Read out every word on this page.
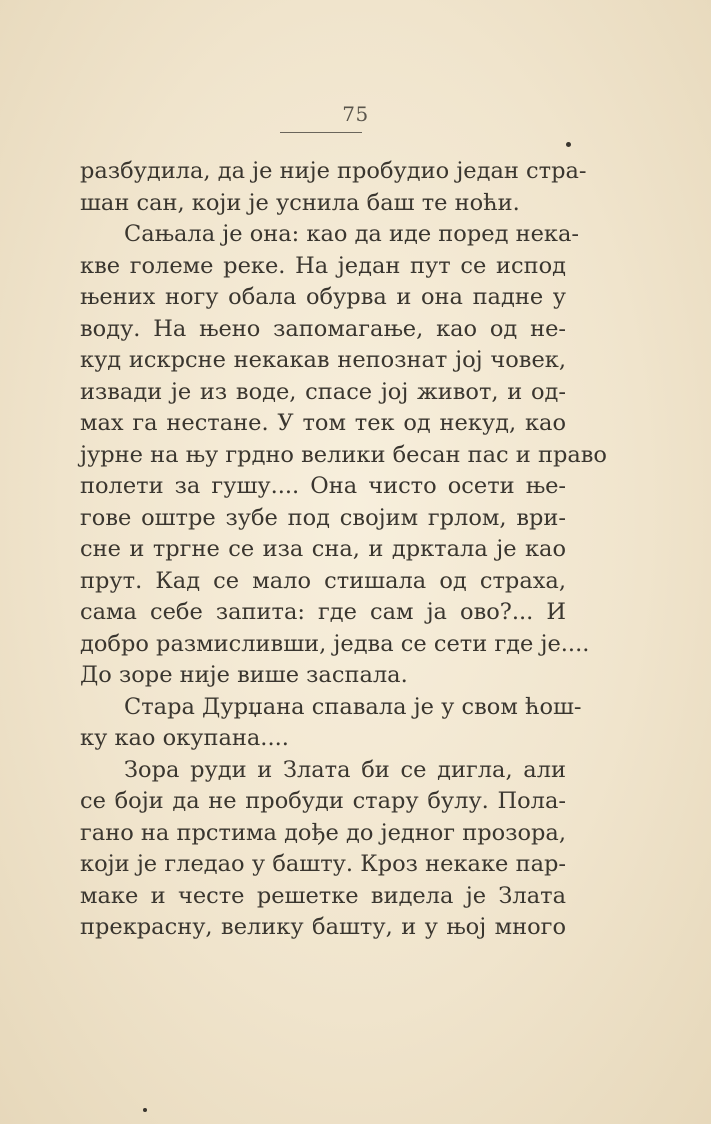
75
разбудила, да је није пробудио један стра-
шан сан, који је уснила баш те ноћи.
Сањала је она: као да иде поред нека-
кве големе реке. На један пут се испод
њених ногу обала обурва и она падне у
воду. На њено запомагање, као од не-
куд искрсне некакав непознат јој човек,
извади је из воде, спасе јој живот, и од-
мах га нестане. У том тек од некуд, као
јурне на њу грдно велики бесан пас и право
полети за гушу.... Она чисто осети ње-
гове оштре зубе под својим грлом, ври-
сне и тргне се иза сна, и дрктала је као
прут. Кад се мало стишала од страха,
сама себе запита: где сам ја ово?... И
добро размисливши, једва се сети где је....
До зоре није више заспала.
Стара Дурџана спавала је у свом ћош-
ку као окупана....
Зора руди и Злата би се дигла, али
се боји да не пробуди стару булу. Пола-
гано на прстима дође до једног прозора,
који је гледао у башту. Кроз некаке пар-
маке и честе решетке видела је Злата
прекрасну, велику башту, и у њој много
